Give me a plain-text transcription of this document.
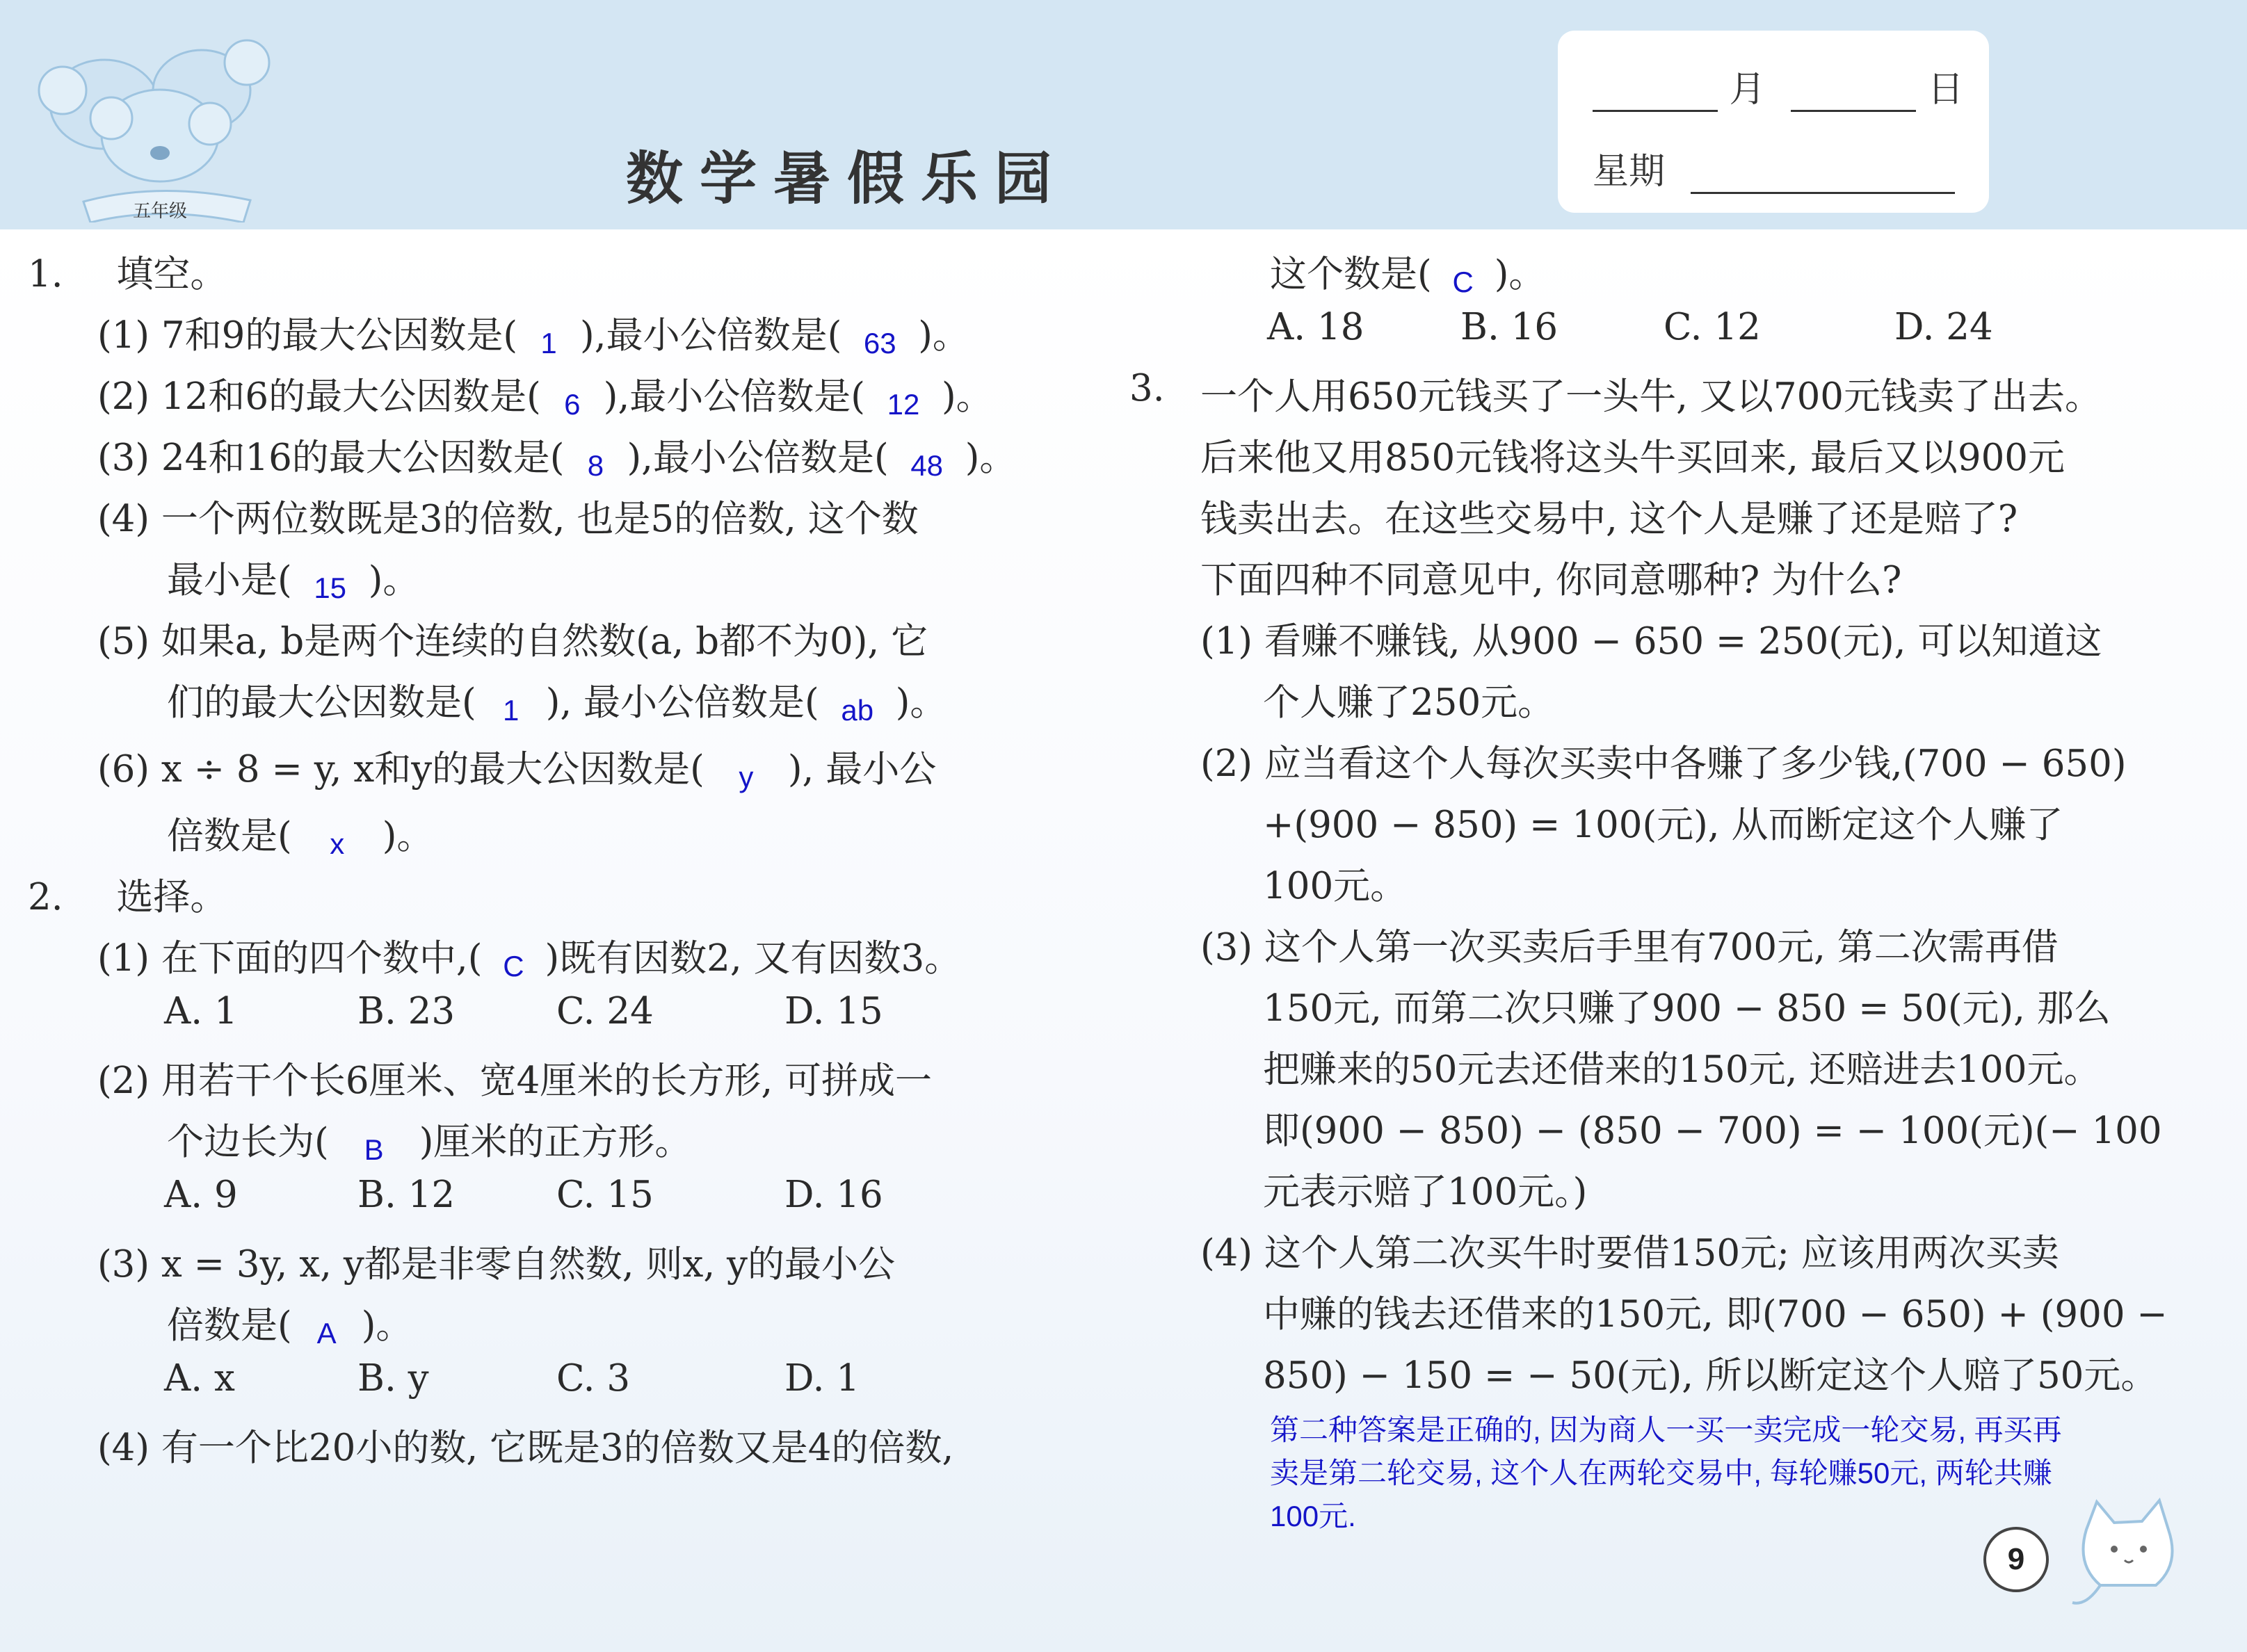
五年级	数学暑假乐园
月	日
星期
1. 填空。
(1) 7和9的最大公因数是( 1 ),最小公倍数是( 63 )。
(2) 12和6的最大公因数是( 6 ),最小公倍数是( 12 )。
(3) 24和16的最大公因数是( 8 ),最小公倍数是( 48 )。
(4) 一个两位数既是3的倍数, 也是5的倍数, 这个数
最小是( 15 )。
(5) 如果a, b是两个连续的自然数(a, b都不为0), 它
们的最大公因数是( 1 ), 最小公倍数是( ab )。
(6) x ÷ 8 = y, x和y的最大公因数是( y ), 最小公
倍数是( x )。
2. 选择。
(1) 在下面的四个数中,( C )既有因数2, 又有因数3。
A. 1	B. 23	C. 24	D. 15
(2) 用若干个长6厘米、宽4厘米的长方形, 可拼成一
个边长为( B )厘米的正方形。
A. 9	B. 12	C. 15	D. 16
(3) x = 3y, x, y都是非零自然数, 则x, y的最小公
倍数是( A )。
A. x	B. y	C. 3	D. 1
(4) 有一个比20小的数, 它既是3的倍数又是4的倍数,
这个数是( C )。
A. 18	B. 16	C. 12	D. 24
3. 一个人用650元钱买了一头牛, 又以700元钱卖了出去。
后来他又用850元钱将这头牛买回来, 最后又以900元
钱卖出去。在这些交易中, 这个人是赚了还是赔了?
下面四种不同意见中, 你同意哪种? 为什么?
(1) 看赚不赚钱, 从900 − 650 = 250(元), 可以知道这
个人赚了250元。
(2) 应当看这个人每次买卖中各赚了多少钱,(700 − 650)
+(900 − 850) = 100(元), 从而断定这个人赚了
100元。
(3) 这个人第一次买卖后手里有700元, 第二次需再借
150元, 而第二次只赚了900 − 850 = 50(元), 那么
把赚来的50元去还借来的150元, 还赔进去100元。
即(900 − 850) − (850 − 700) = − 100(元)(− 100
元表示赔了100元。)
(4) 这个人第二次买牛时要借150元; 应该用两次买卖
中赚的钱去还借来的150元, 即(700 − 650) + (900 −
850) − 150 = − 50(元), 所以断定这个人赔了50元。
第二种答案是正确的, 因为商人一买一卖完成一轮交易, 再买再
卖是第二轮交易, 这个人在两轮交易中, 每轮赚50元, 两轮共赚
100元.
9
